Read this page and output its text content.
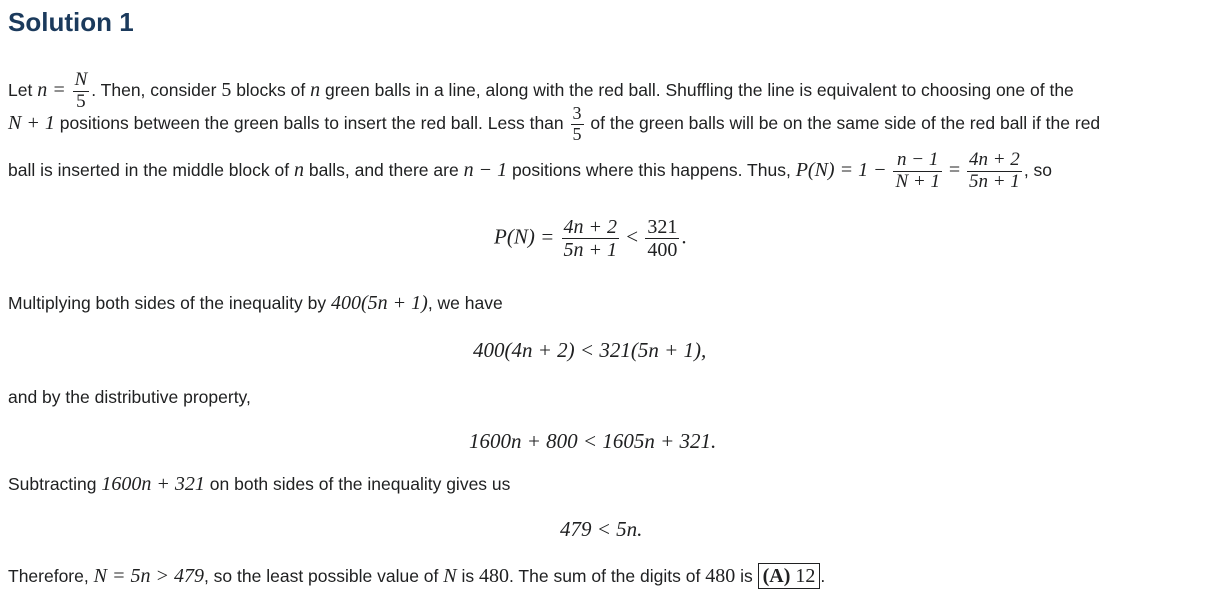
Solution 1
Let $n = \frac{N}{5}$ . Then, consider 5 blocks of n green balls in a line, along with the red ball. Shuffling the line is equivalent to choosing one of the
N + 1 positions between the green balls to insert the red ball. Less than $\frac{3}{5}$ of the green balls will be on the same side of the red ball if the red
ball is inserted in the middle block of n balls, and there are n − 1 positions where this happens. Thus, $P(N) = 1 - \frac{n - 1}{N + 1} = \frac{4n + 2}{5n + 1}$ , so
$P(N) = \frac{4n + 2}{5n + 1} < \frac{321}{400}$ .
Multiplying both sides of the inequality by 400(5n + 1), we have
400(4n + 2) < 321(5n + 1),
and by the distributive property,
1600n + 800 < 1605n + 321.
Subtracting 1600n + 321 on both sides of the inequality gives us
479 < 5n.
Therefore, N = 5n > 479, so the least possible value of N is 480. The sum of the digits of 480 is (A) 12 .
